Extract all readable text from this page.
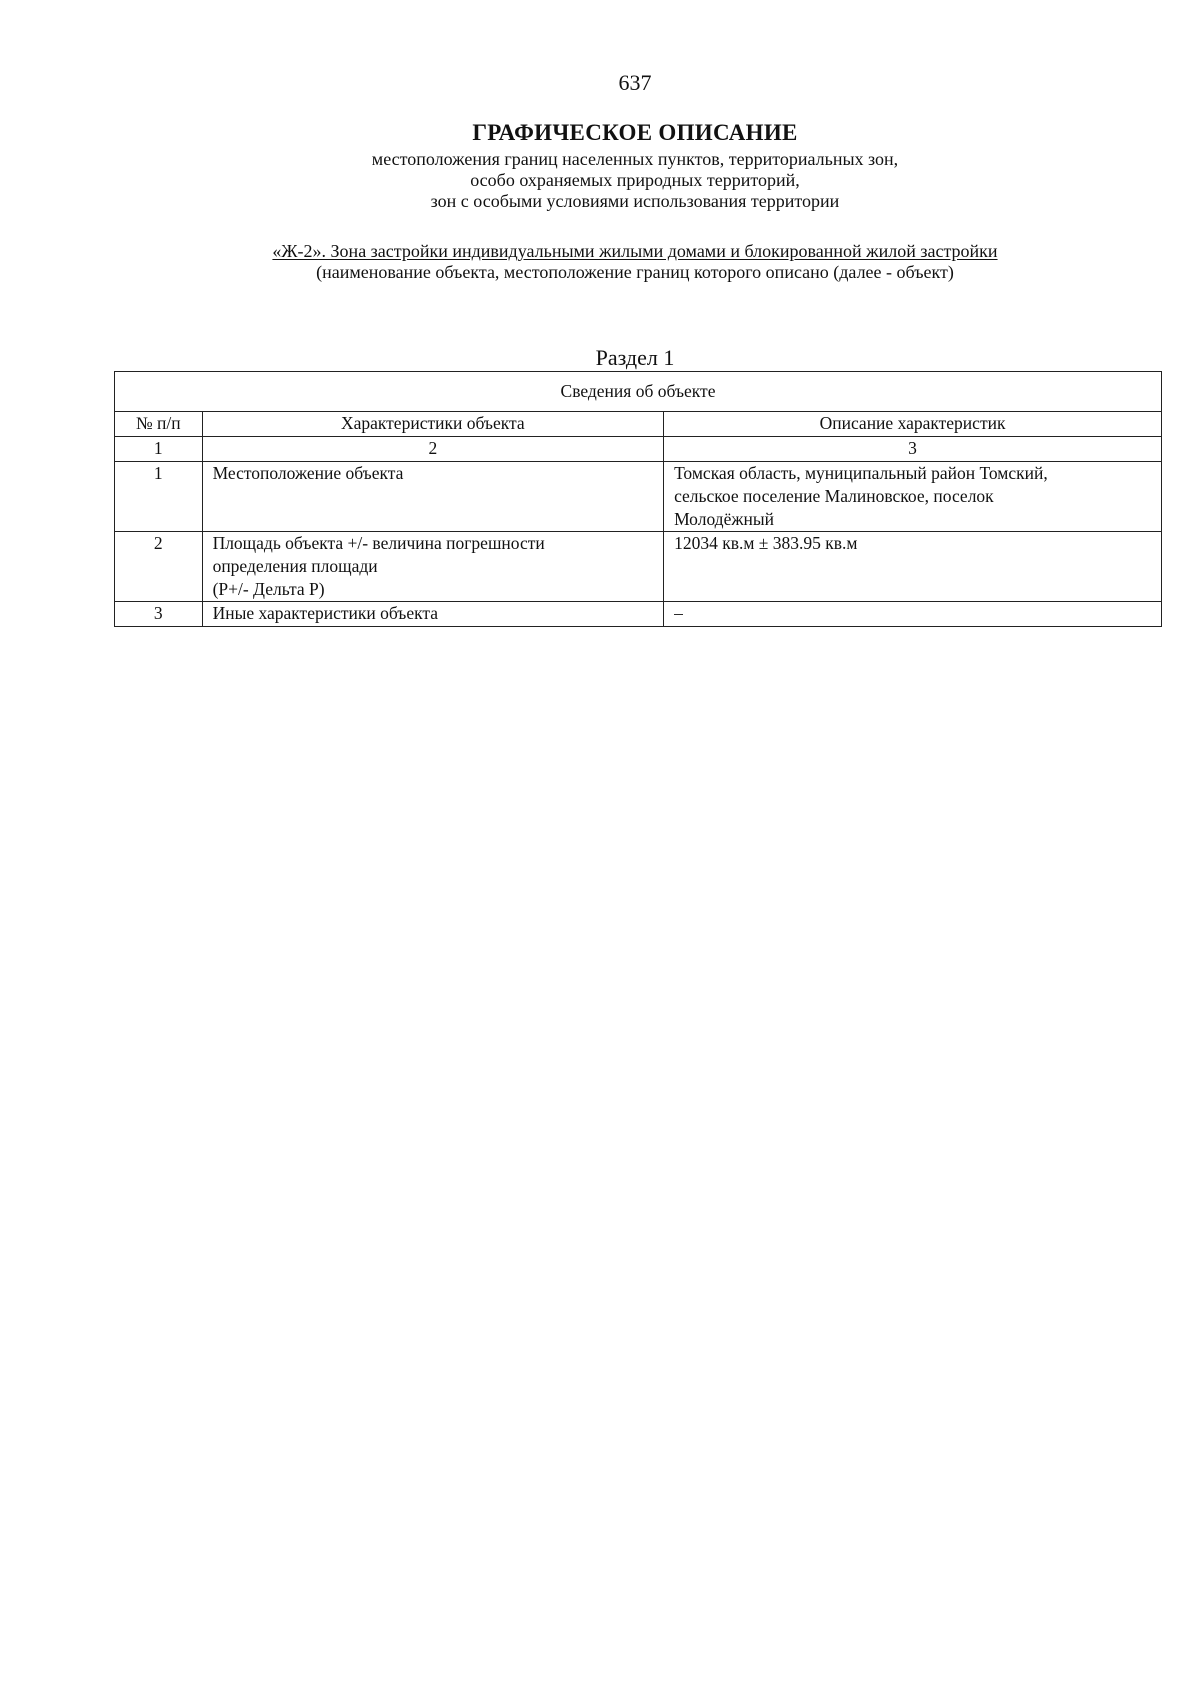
637
ГРАФИЧЕСКОЕ ОПИСАНИЕ
местоположения границ населенных пунктов, территориальных зон,
особо охраняемых природных территорий,
зон с особыми условиями использования территории
«Ж-2». Зона застройки индивидуальными жилыми домами и блокированной жилой застройки
(наименование объекта, местоположение границ которого описано (далее - объект)
Раздел 1
Сведения об объекте		
№ п/п	Характеристики объекта	Описание характеристик
1	2	3
1	Местоположение объекта	Томская область, муниципальный район Томский,
сельское поселение Малиновское, поселок
Молодёжный

2	Площадь объекта +/- величина погрешности
определения площади
(P+/- Дельта P)	12034 кв.м ± 383.95 кв.м

3	Иные характеристики объекта	–
